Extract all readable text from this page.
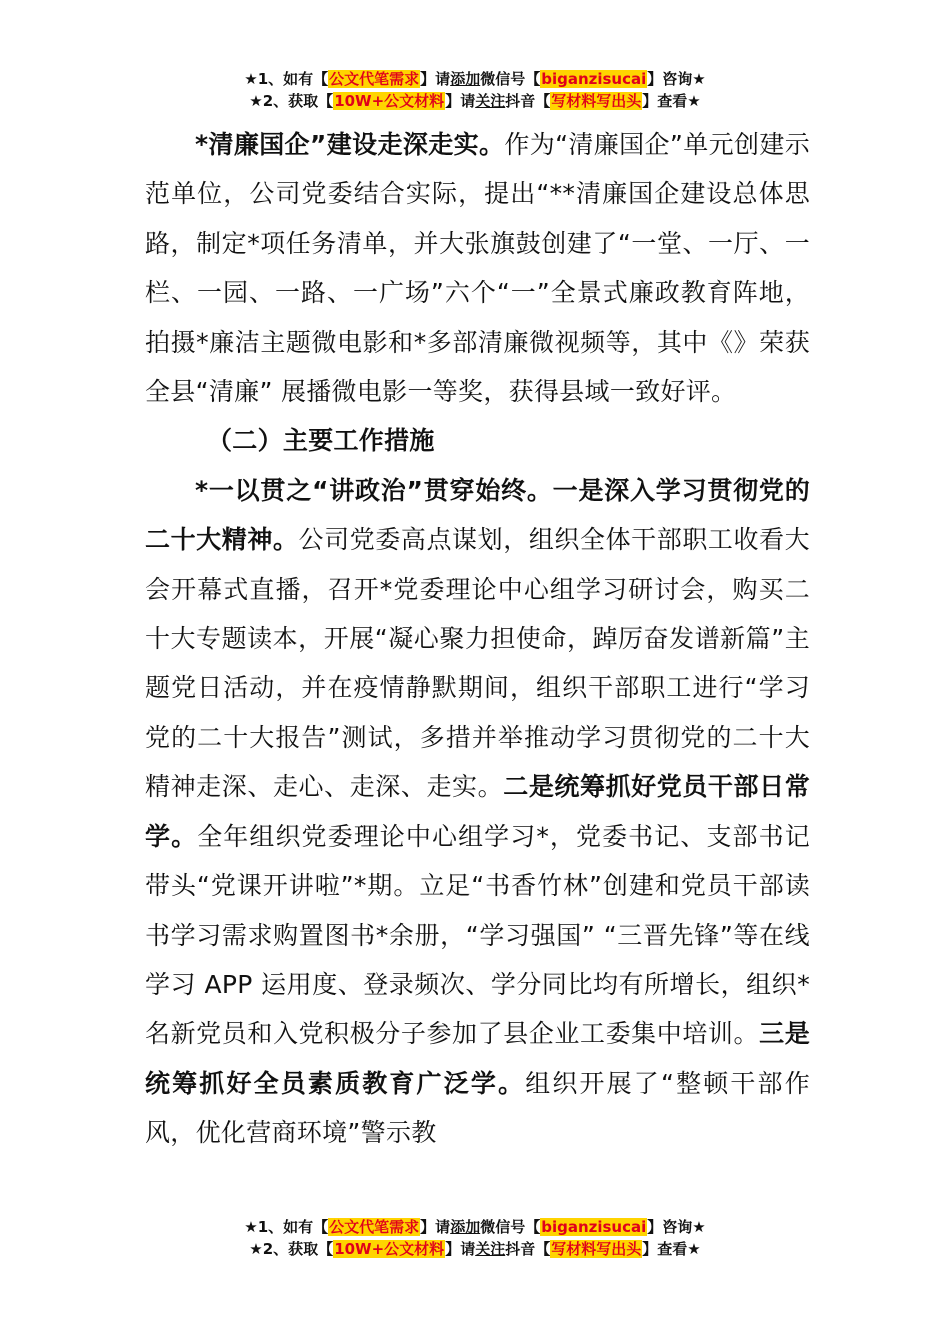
★1、如有【公文代笔需求】请添加微信号【biganzisucai】咨询★
★2、获取【10W+公文材料】请关注抖音【写材料写出头】查看★

*清廉国企”建设走深走实。作为“清廉国企”单元创建示范单位，公司党委结合实际，提出“**清廉国企建设总体思路，制定*项任务清单，并大张旗鼓创建了“一堂、一厅、一栏、一园、一路、一广场”六个“一”全景式廉政教育阵地，拍摄*廉洁主题微电影和*多部清廉微视频等，其中《》荣获全县“清廉” 展播微电影一等奖，获得县域一致好评。

（二）主要工作措施

*一以贯之“讲政治”贯穿始终。一是深入学习贯彻党的二十大精神。公司党委高点谋划，组织全体干部职工收看大会开幕式直播，召开*党委理论中心组学习研讨会，购买二十大专题读本，开展“凝心聚力担使命，踔厉奋发谱新篇”主题党日活动，并在疫情静默期间，组织干部职工进行“学习党的二十大报告”测试，多措并举推动学习贯彻党的二十大精神走深、走心、走深、走实。二是统筹抓好党员干部日常学。全年组织党委理论中心组学习*，党委书记、支部书记带头“党课开讲啦”*期。立足“书香竹林”创建和党员干部读书学习需求购置图书*余册，“学习强国” “三晋先锋”等在线学习 APP 运用度、登录频次、学分同比均有所增长，组织*名新党员和入党积极分子参加了县企业工委集中培训。三是统筹抓好全员素质教育广泛学。组织开展了“整顿干部作风，优化营商环境”警示教

★1、如有【公文代笔需求】请添加微信号【biganzisucai】咨询★
★2、获取【10W+公文材料】请关注抖音【写材料写出头】查看★
